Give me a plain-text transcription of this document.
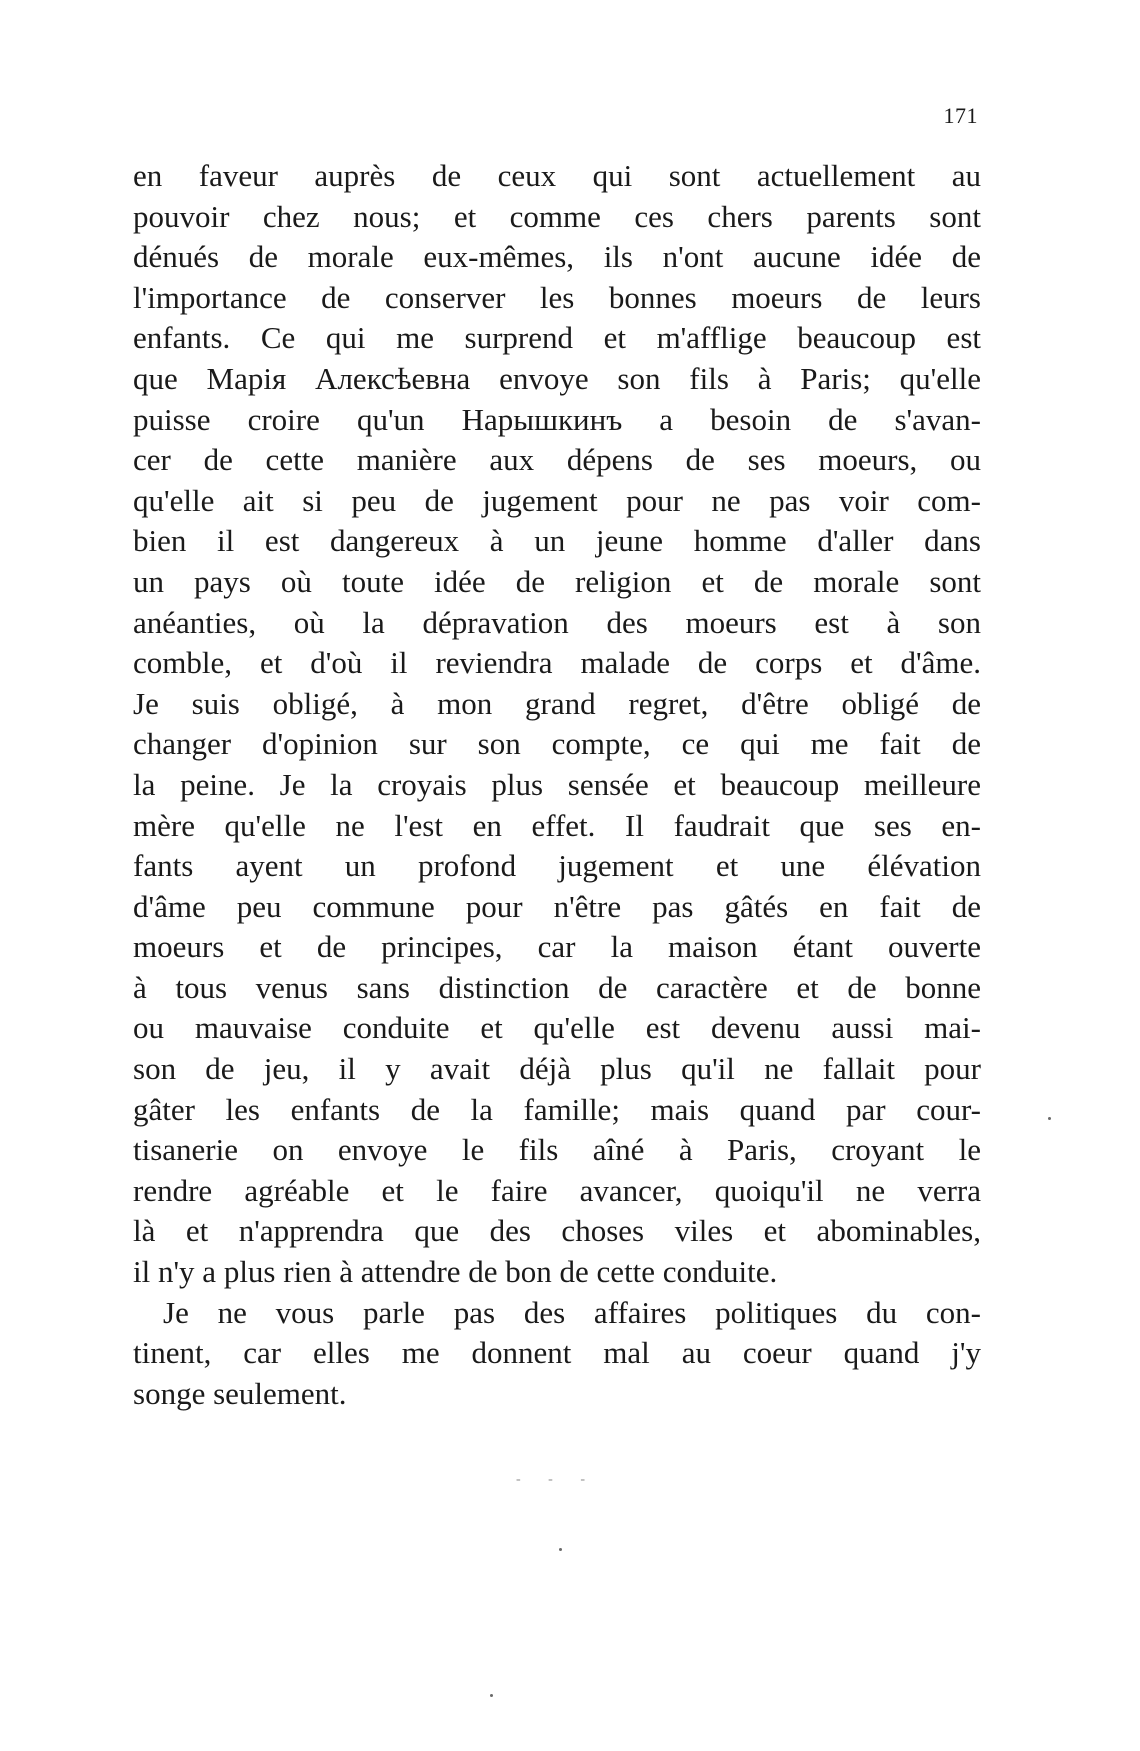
171
en faveur auprès de ceux qui sont actuellement au
pouvoir chez nous; et comme ces chers parents sont
dénués de morale eux-mêmes, ils n'ont aucune idée de
l'importance de conserver les bonnes moeurs de leurs
enfants. Ce qui me surprend et m'afflige beaucoup est
que Марія Алексѣевна envoye son fils à Paris; qu'elle
puisse croire qu'un Нарышкинъ a besoin de s'avan-
cer de cette manière aux dépens de ses moeurs, ou
qu'elle ait si peu de jugement pour ne pas voir com-
bien il est dangereux à un jeune homme d'aller dans
un pays où toute idée de religion et de morale sont
anéanties, où la dépravation des moeurs est à son
comble, et d'où il reviendra malade de corps et d'âme.
Je suis obligé, à mon grand regret, d'être obligé de
changer d'opinion sur son compte, ce qui me fait de
la peine. Je la croyais plus sensée et beaucoup meilleure
mère qu'elle ne l'est en effet. Il faudrait que ses en-
fants ayent un profond jugement et une élévation
d'âme peu commune pour n'être pas gâtés en fait de
moeurs et de principes, car la maison étant ouverte
à tous venus sans distinction de caractère et de bonne
ou mauvaise conduite et qu'elle est devenu aussi mai-
son de jeu, il y avait déjà plus qu'il ne fallait pour
gâter les enfants de la famille; mais quand par cour-
tisanerie on envoye le fils aîné à Paris, croyant le
rendre agréable et le faire avancer, quoiqu'il ne verra
là et n'apprendra que des choses viles et abominables,
il n'y a plus rien à attendre de bon de cette conduite.
Je ne vous parle pas des affaires politiques du con-
tinent, car elles me donnent mal au coeur quand j'y
songe seulement.
- - -
